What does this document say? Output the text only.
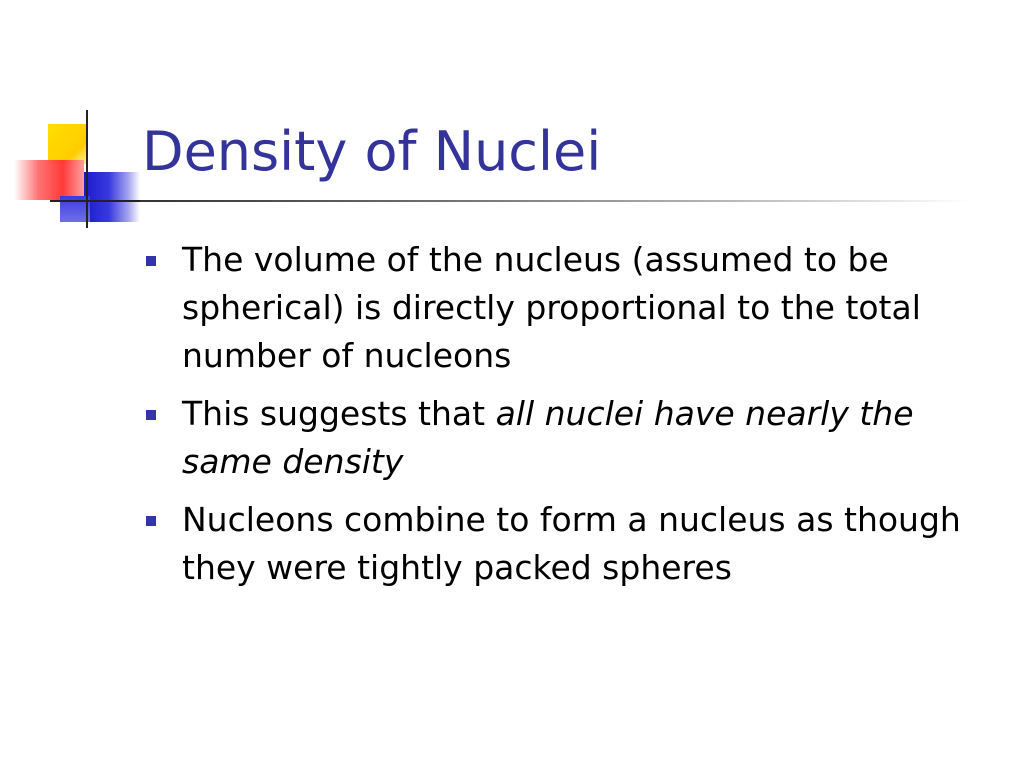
Density of Nuclei
The volume of the nucleus (assumed to be spherical) is directly proportional to the total number of nucleons
This suggests that all nuclei have nearly the same density
Nucleons combine to form a nucleus as though they were tightly packed spheres
